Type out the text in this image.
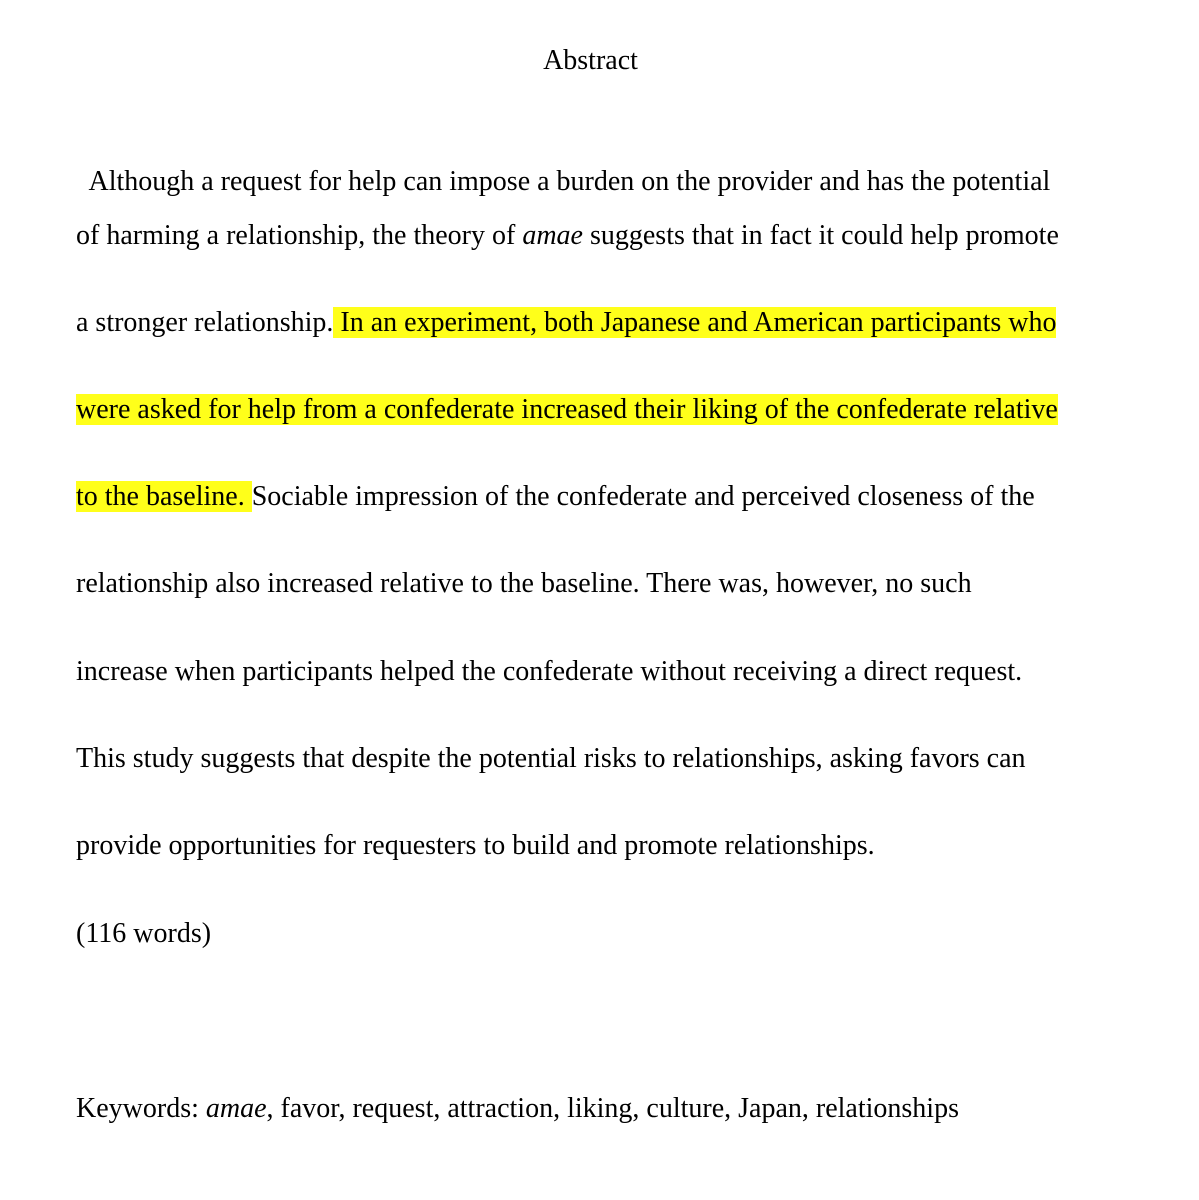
Abstract

Although a request for help can impose a burden on the provider and has the potential

of harming a relationship, the theory of amae suggests that in fact it could help promote
a stronger relationship. In an experiment, both Japanese and American participants who
were asked for help from a confederate increased their liking of the confederate relative
to the baseline. Sociable impression of the confederate and perceived closeness of the
relationship also increased relative to the baseline. There was, however, no such
increase when participants helped the confederate without receiving a direct request.
This study suggests that despite the potential risks to relationships, asking favors can
provide opportunities for requesters to build and promote relationships.
(116 words)
Keywords: amae, favor, request, attraction, liking, culture, Japan, relationships
